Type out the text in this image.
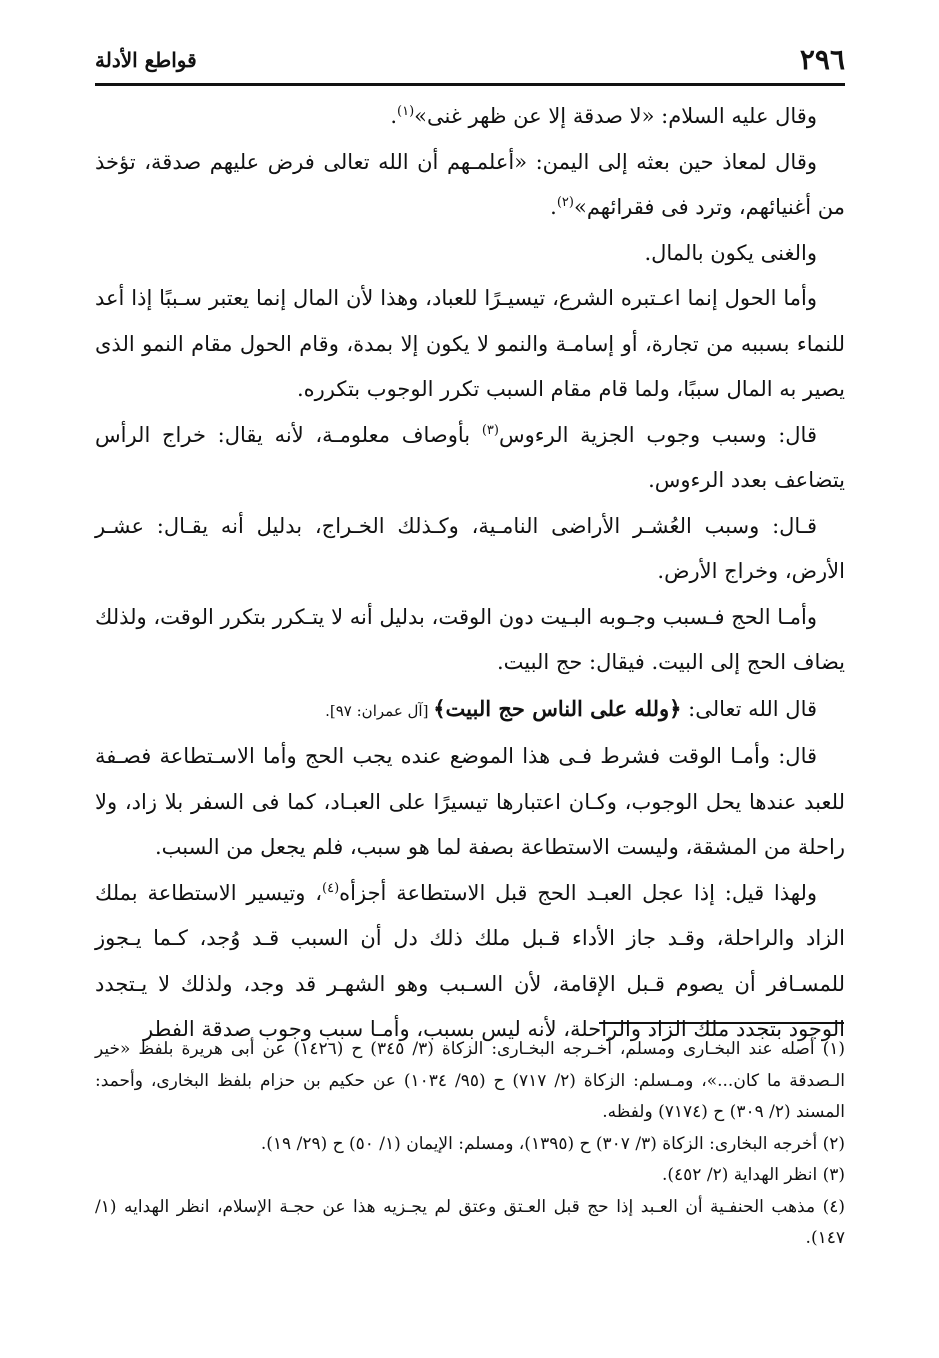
٢٩٦
قواطع الأدلة

وقال عليه السلام: «لا صدقة إلا عن ظهر غنى»$^{(١)}$.

وقال لمعاذ حين بعثه إلى اليمن: «أعلمـهم أن الله تعالى فرض عليهم صدقة، تؤخذ من أغنيائهم، وترد فى فقرائهم»$^{(٢)}$.

والغنى يكون بالمال.

وأما الحول إنما اعـتبره الشرع، تيسيـرًا للعباد، وهذا لأن المال إنما يعتبر سـببًا إذا أعد للنماء بسببه من تجارة، أو إسامـة والنمو لا يكون إلا بمدة، وقام الحول مقام النمو الذى يصير به المال سببًا، ولما قام مقام السبب تكرر الوجوب بتكرره.

قال: وسبب وجوب الجزية الرءوس$^{(٣)}$ بأوصاف معلومـة، لأنه يقال: خراج الرأس يتضاعف بعدد الرءوس.

قـال: وسبب العُشـر الأراضى النامـية، وكـذلك الخـراج، بدليل أنه يقـال: عشـر الأرض، وخراج الأرض.

وأمـا الحج فـسبب وجـوبه البـيت دون الوقت، بدليل أنه لا يتـكرر بتكرر الوقت، ولذلك يضاف الحج إلى البيت. فيقال: حج البيت.

قال الله تعالى: ﴿ولله على الناس حج البيت﴾ [آل عمران: ٩٧].

قال: وأمـا الوقت فشرط فـى هذا الموضع عنده يجب الحج وأما الاسـتطاعة فصـفة للعبد عندها يحل الوجوب، وكـان اعتبارها تيسيرًا على العبـاد، كما فى السفر بلا زاد، ولا راحلة من المشقة، وليست الاستطاعة بصفة لما هو سبب، فلم يجعل من السبب.

ولهذا قيل: إذا عجل العبـد الحج قبل الاستطاعة أجزأه$^{(٤)}$، وتيسير الاستطاعة بملك الزاد والراحلة، وقـد جاز الأداء قـبل ملك ذلك دل أن السبب قـد وُجد، كـما يـجوز للمسـافر أن يصوم قـبل الإقامة، لأن السـبب وهو الشهـر قد وجد، ولذلك لا يـتجدد الوجود بتجدد ملك الزاد والراحلة، لأنه ليس بسبب، وأمـا سبب وجوب صدقة الفطر

(١) أصله عند البخـارى ومسلم، أخـرجه البخـارى: الزكاة (٣/ ٣٤٥) ح (١٤٢٦) عن أبى هريرة بلفظ «خير الـصدقة ما كان...»، ومـسلم: الزكاة (٢/ ٧١٧) ح (٩٥/ ١٠٣٤) عن حكيم بن حزام بلفظ البخارى، وأحمد: المسند (٢/ ٣٠٩) ح (٧١٧٤) ولفظه.

(٢) أخرجه البخارى: الزكاة (٣/ ٣٠٧) ح (١٣٩٥)، ومسلم: الإيمان (١/ ٥٠) ح (٢٩/ ١٩).

(٣) انظر الهداية (٢/ ٤٥٢).

(٤) مذهب الحنفـية أن العـبد إذا حج قبل العـتق وعتق لم يجـزيه هذا عن حجـة الإسلام، انظر الهدايه (١/ ١٤٧).
